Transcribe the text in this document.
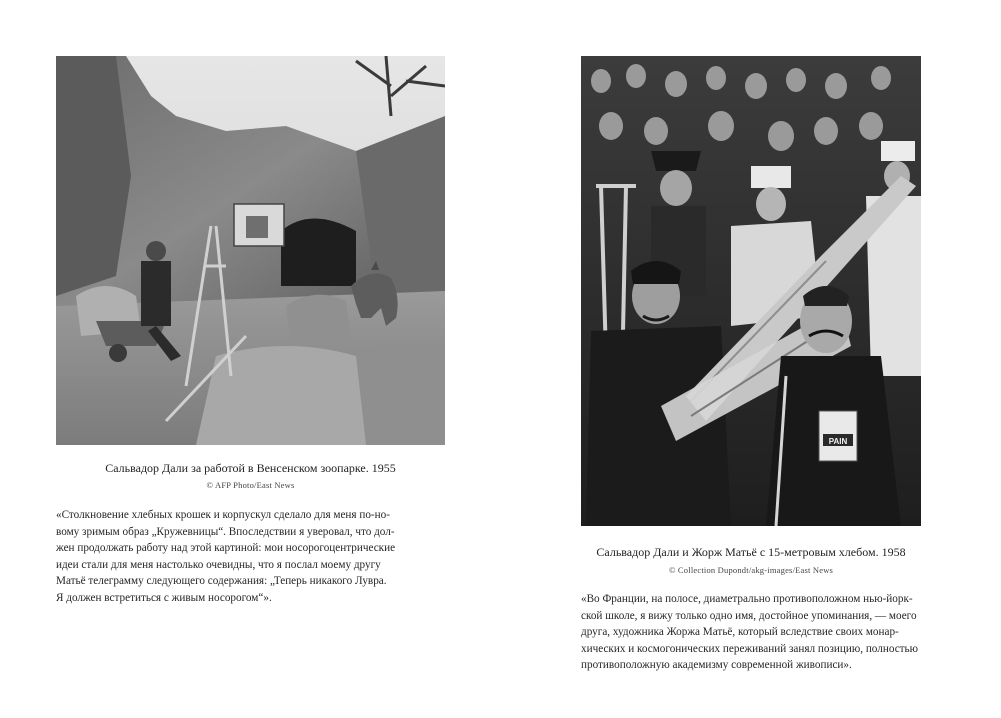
Сальвадор Дали за работой в Венсенском зоопарке. 1955
© AFP Photo/East News
«Столкновение хлебных крошек и корпускул сделало для меня по-но-
вому зримым образ „Кружевницы“. Впоследствии я уверовал, что дол-
жен продолжать работу над этой картиной: мои носорогоцентрические
идеи стали для меня настолько очевидны, что я послал моему другу
Матьё телеграмму следующего содержания: „Теперь никакого Лувра.
Я должен встретиться с живым носорогом“».
PAIN
Сальвадор Дали и Жорж Матьё с 15-метровым хлебом. 1958
© Collection Dupondt/akg-images/East News
«Во Франции, на полосе, диаметрально противоположном нью-йорк-
ской школе, я вижу только одно имя, достойное упоминания, — моего
друга, художника Жоржа Матьё, который вследствие своих монар-
хических и космогонических переживаний занял позицию, полностью
противоположную академизму современной живописи».
